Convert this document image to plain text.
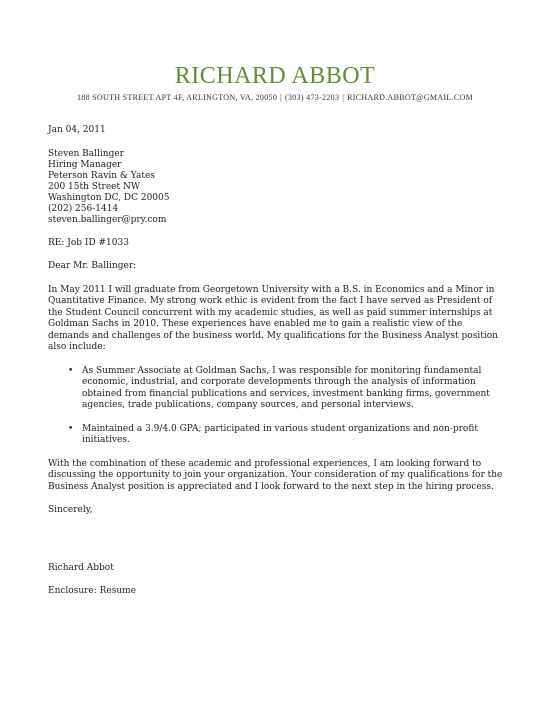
RICHARD ABBOT
188 SOUTH STREET APT 4F, ARLINGTON, VA, 20050 | (303) 473-2203 | RICHARD.ABBOT@GMAIL.COM
Jan 04, 2011
Steven Ballinger
Hiring Manager
Peterson Ravin & Yates
200 15th Street NW
Washington DC, DC 20005
(202) 256-1414
steven.ballinger@pry.com
RE: Job ID #1033
Dear Mr. Ballinger:

In May 2011 I will graduate from Georgetown University with a B.S. in Economics and a Minor in Quantitative Finance. My strong work ethic is evident from the fact I have served as President of the Student Council concurrent with my academic studies, as well as paid summer internships at Goldman Sachs in 2010. These experiences have enabled me to gain a realistic view of the demands and challenges of the business world. My qualifications for the Business Analyst position also include:

• As Summer Associate at Goldman Sachs, I was responsible for monitoring fundamental economic, industrial, and corporate developments through the analysis of information obtained from financial publications and services, investment banking firms, government agencies, trade publications, company sources, and personal interviews.
• Maintained a 3.9/4.0 GPA; participated in various student organizations and non-profit initiatives.

With the combination of these academic and professional experiences, I am looking forward to discussing the opportunity to join your organization. Your consideration of my qualifications for the Business Analyst position is appreciated and I look forward to the next step in the hiring process.

Sincerely,
Richard Abbot
Enclosure: Resume
